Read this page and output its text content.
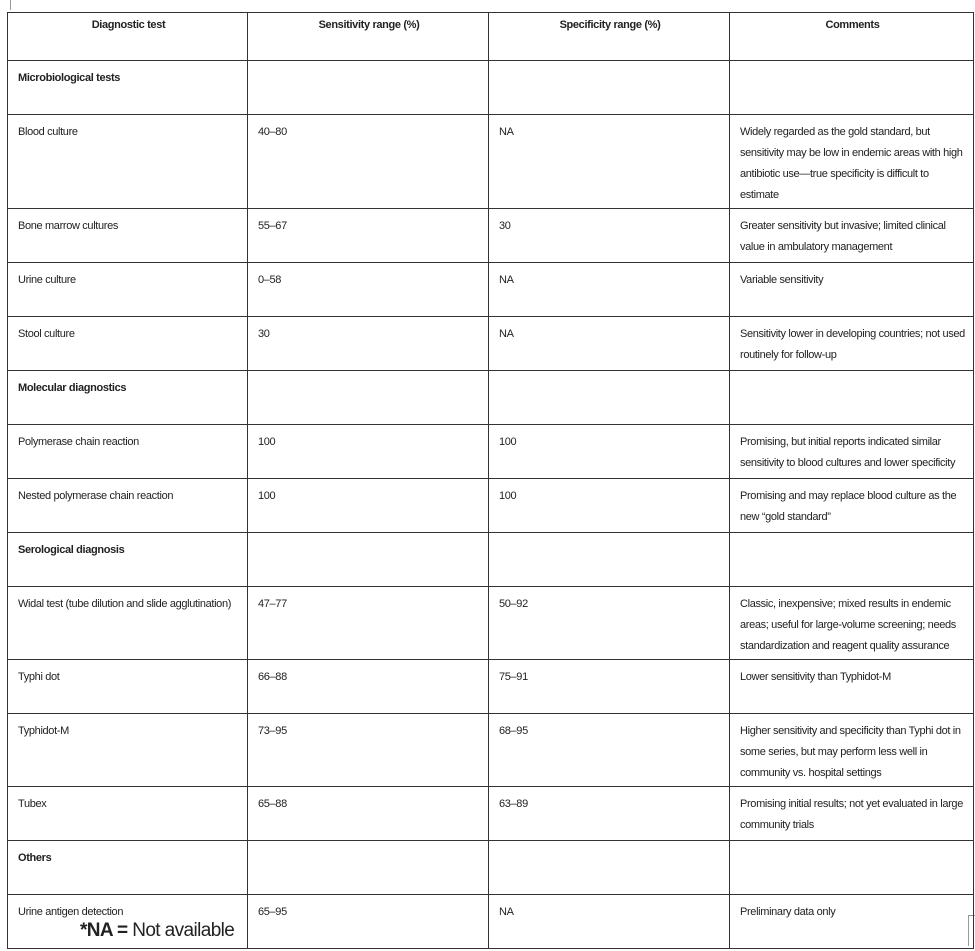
Diagnostic test	Sensitivity range (%)	Specificity range (%)	Comments
Microbiological tests			
Blood culture	40–80	NA	Widely regarded as the gold standard, but sensitivity may be low in endemic areas with high antibiotic use—true specificity is difficult to estimate
Bone marrow cultures	55–67	30	Greater sensitivity but invasive; limited clinical value in ambulatory management
Urine culture	0–58	NA	Variable sensitivity
Stool culture	30	NA	Sensitivity lower in developing countries; not used routinely for follow-up
Molecular diagnostics			
Polymerase chain reaction	100	100	Promising, but initial reports indicated similar sensitivity to blood cultures and lower specificity
Nested polymerase chain reaction	100	100	Promising and may replace blood culture as the new “gold standard”
Serological diagnosis			
Widal test (tube dilution and slide agglutination)	47–77	50–92	Classic, inexpensive; mixed results in endemic areas; useful for large-volume screening; needs standardization and reagent quality assurance
Typhi dot	66–88	75–91	Lower sensitivity than Typhidot-M
Typhidot-M	73–95	68–95	Higher sensitivity and specificity than Typhi dot in some series, but may perform less well in community vs. hospital settings
Tubex	65–88	63–89	Promising initial results; not yet evaluated in large community trials
Others			
Urine antigen detection	65–95	NA	Preliminary data only
*NA = Not available
